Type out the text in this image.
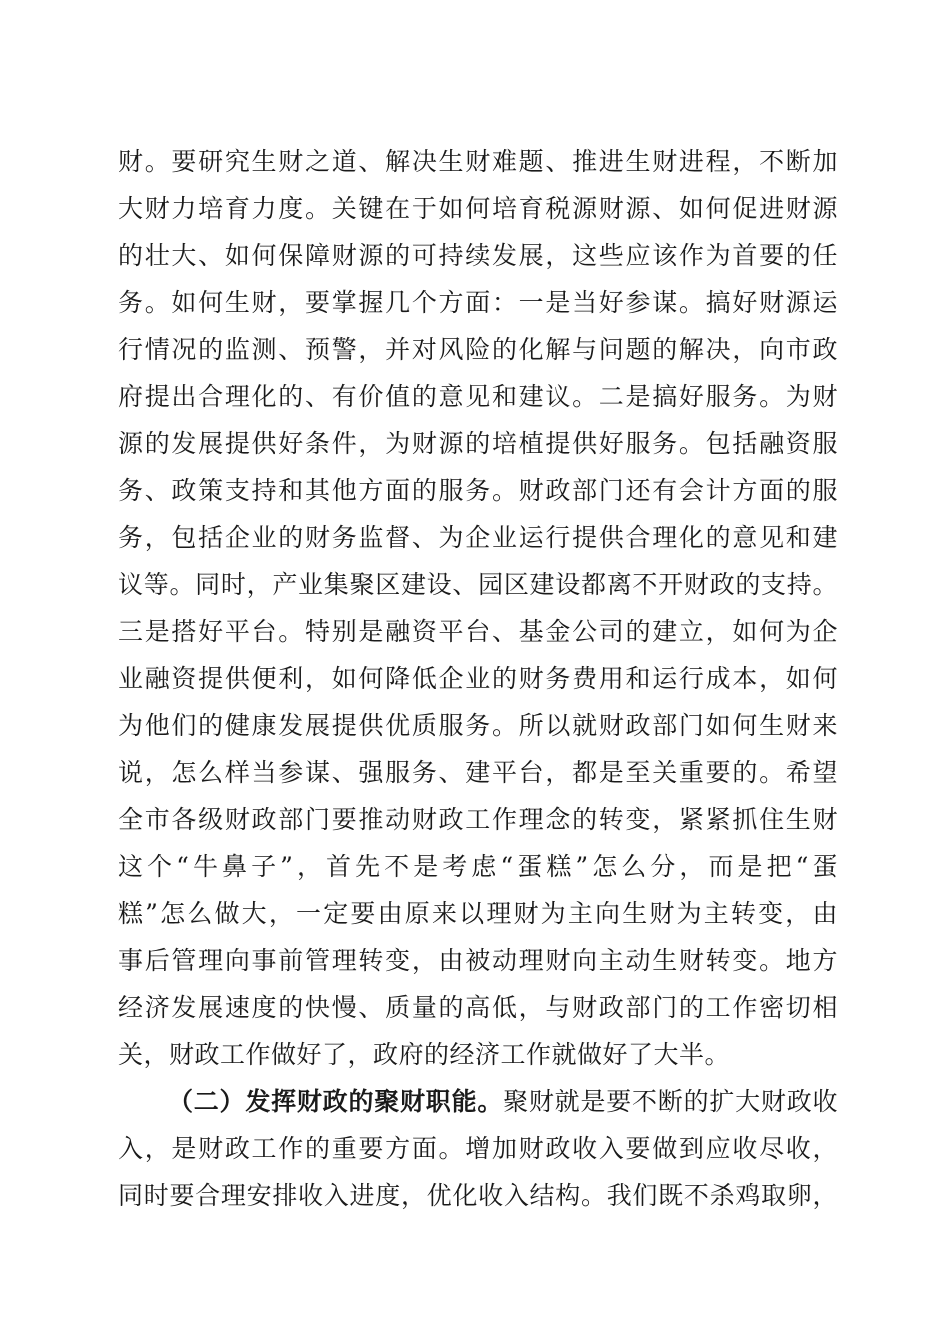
财。要研究生财之道、解决生财难题、推进生财进程，不断加
大财力培育力度。关键在于如何培育税源财源、如何促进财源
的壮大、如何保障财源的可持续发展，这些应该作为首要的任
务。如何生财，要掌握几个方面：一是当好参谋。搞好财源运
行情况的监测、预警，并对风险的化解与问题的解决，向市政
府提出合理化的、有价值的意见和建议。二是搞好服务。为财
源的发展提供好条件，为财源的培植提供好服务。包括融资服
务、政策支持和其他方面的服务。财政部门还有会计方面的服
务，包括企业的财务监督、为企业运行提供合理化的意见和建
议等。同时，产业集聚区建设、园区建设都离不开财政的支持。
三是搭好平台。特别是融资平台、基金公司的建立，如何为企
业融资提供便利，如何降低企业的财务费用和运行成本，如何
为他们的健康发展提供优质服务。所以就财政部门如何生财来
说，怎么样当参谋、强服务、建平台，都是至关重要的。希望
全市各级财政部门要推动财政工作理念的转变，紧紧抓住生财
这个“牛鼻子”，首先不是考虑“蛋糕”怎么分，而是把“蛋
糕”怎么做大，一定要由原来以理财为主向生财为主转变，由
事后管理向事前管理转变，由被动理财向主动生财转变。地方
经济发展速度的快慢、质量的高低，与财政部门的工作密切相
关，财政工作做好了，政府的经济工作就做好了大半。
（二）发挥财政的聚财职能。聚财就是要不断的扩大财政收
入，是财政工作的重要方面。增加财政收入要做到应收尽收，
同时要合理安排收入进度，优化收入结构。我们既不杀鸡取卵，
